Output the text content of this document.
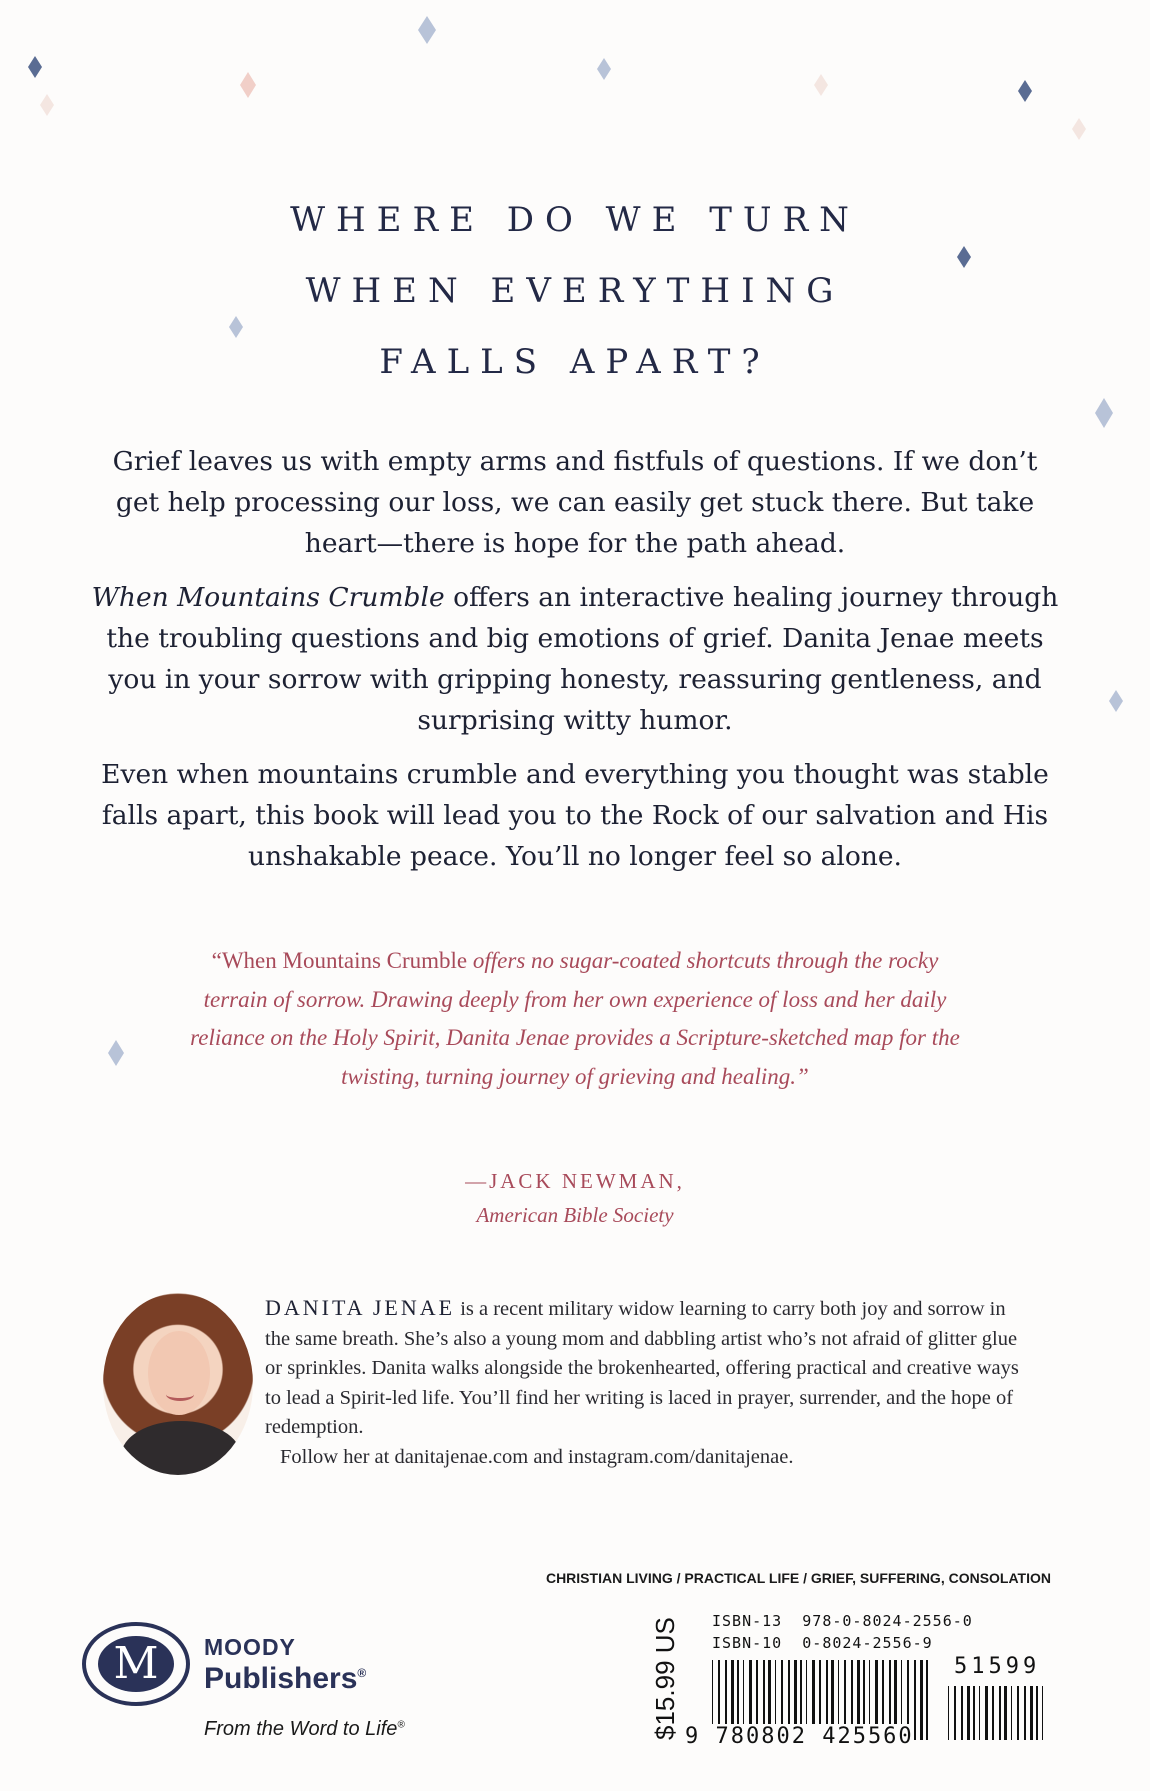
WHERE DO WE TURN
WHEN EVERYTHING
FALLS APART?

Grief leaves us with empty arms and fistfuls of questions. If we don’t get help processing our loss, we can easily get stuck there. But take heart—there is hope for the path ahead.

When Mountains Crumble offers an interactive healing journey through the troubling questions and big emotions of grief. Danita Jenae meets you in your sorrow with gripping honesty, reassuring gentleness, and surprising witty humor.

Even when mountains crumble and everything you thought was stable falls apart, this book will lead you to the Rock of our salvation and His unshakable peace. You’ll no longer feel so alone.

“When Mountains Crumble offers no sugar-coated shortcuts through the rocky terrain of sorrow. Drawing deeply from her own experience of loss and her daily reliance on the Holy Spirit, Danita Jenae provides a Scripture-sketched map for the twisting, turning journey of grieving and healing.”
—JACK NEWMAN,
American Bible Society
DANITA JENAE is a recent military widow learning to carry both joy and sorrow in the same breath. She’s also a young mom and dabbling artist who’s not afraid of glitter glue or sprinkles. Danita walks alongside the brokenhearted, offering practical and creative ways to lead a Spirit-led life. You’ll find her writing is laced in prayer, surrender, and the hope of redemption.
Follow her at danitajenae.com and instagram.com/danitajenae.
CHRISTIAN LIVING / PRACTICAL LIFE / GRIEF, SUFFERING, CONSOLATION
M	MOODY
Publishers®
From the Word to Life®	$15.99 US ISBN-13 978-0-8024-2556-0
ISBN-10 0-8024-2556-9
9 780802 425560
51599
